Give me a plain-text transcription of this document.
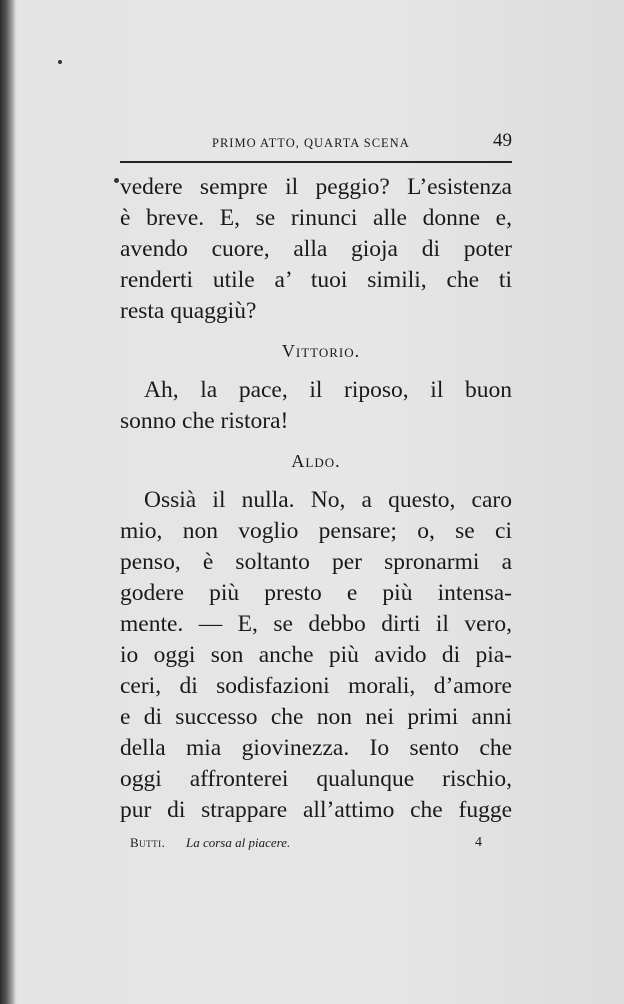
PRIMO ATTO, QUARTA SCENA	49
vedere sempre il peggio? L’esistenza
è breve. E, se rinunci alle donne e,
avendo cuore, alla gioja di poter
renderti utile a’ tuoi simili, che ti
resta quaggiù?
Vittorio.
Ah, la pace, il riposo, il buon
sonno che ristora!
Aldo.
Ossià il nulla. No, a questo, caro
mio, non voglio pensare; o, se ci
penso, è soltanto per spronarmi a
godere più presto e più intensa-
mente. — E, se debbo dirti il vero,
io oggi son anche più avido di pia-
ceri, di sodisfazioni morali, d’amore
e di successo che non nei primi anni
della mia giovinezza. Io sento che
oggi affronterei qualunque rischio,
pur di strappare all’attimo che fugge
Butti. La corsa al piacere.	4
